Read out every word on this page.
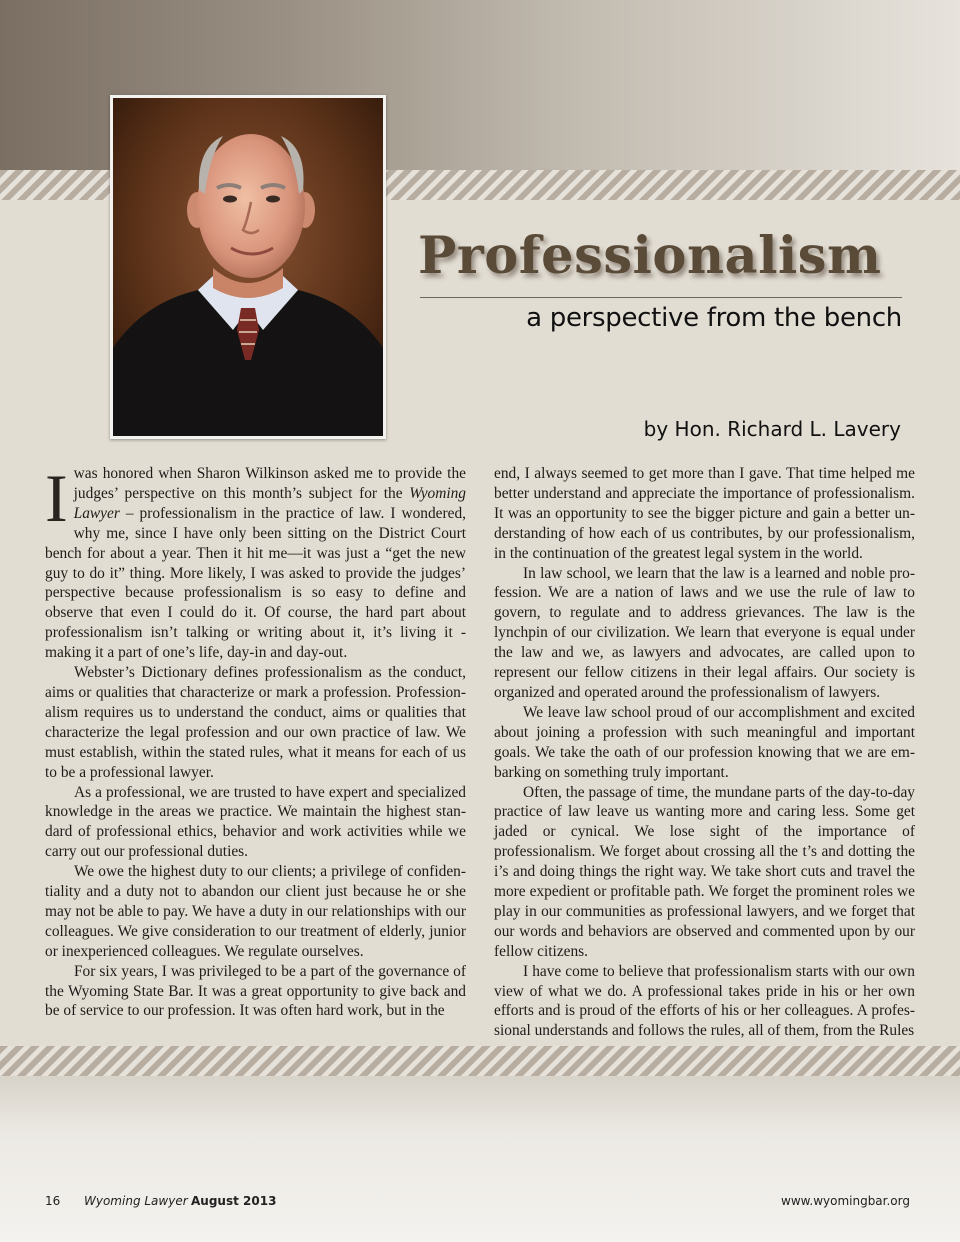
Professionalism
a perspective from the bench
by Hon. Richard L. Lavery

I was honored when Sharon Wilkinson asked me to provide the judges’ perspective on this month’s subject for the Wyoming Lawyer – professionalism in the practice of law. I wondered, why me, since I have only been sitting on the District Court bench for about a year. Then it hit me—it was just a “get the new guy to do it” thing. More likely, I was asked to provide the judges’ perspective because professionalism is so easy to define and observe that even I could do it. Of course, the hard part about professionalism isn’t talking or writing about it, it’s living it - making it a part of one’s life, day-in and day-out.

Webster’s Dictionary defines professionalism as the conduct, aims or qualities that characterize or mark a profession. Professionalism requires us to understand the conduct, aims or qualities that characterize the legal profession and our own practice of law. We must establish, within the stated rules, what it means for each of us to be a professional lawyer.

As a professional, we are trusted to have expert and specialized knowledge in the areas we practice. We maintain the highest standard of professional ethics, behavior and work activities while we carry out our professional duties.

We owe the highest duty to our clients; a privilege of confidentiality and a duty not to abandon our client just because he or she may not be able to pay. We have a duty in our relationships with our colleagues. We give consideration to our treatment of elderly, junior or inexperienced colleagues. We regulate ourselves.

For six years, I was privileged to be a part of the governance of the Wyoming State Bar. It was a great opportunity to give back and be of service to our profession. It was often hard work, but in the

end, I always seemed to get more than I gave. That time helped me better understand and appreciate the importance of professionalism. It was an opportunity to see the bigger picture and gain a better understanding of how each of us contributes, by our professionalism, in the continuation of the greatest legal system in the world.

In law school, we learn that the law is a learned and noble profession. We are a nation of laws and we use the rule of law to govern, to regulate and to address grievances. The law is the lynchpin of our civilization. We learn that everyone is equal under the law and we, as lawyers and advocates, are called upon to represent our fellow citizens in their legal affairs. Our society is organized and operated around the professionalism of lawyers.

We leave law school proud of our accomplishment and excited about joining a profession with such meaningful and important goals. We take the oath of our profession knowing that we are embarking on something truly important.

Often, the passage of time, the mundane parts of the day-to-day practice of law leave us wanting more and caring less. Some get jaded or cynical. We lose sight of the importance of professionalism. We forget about crossing all the t’s and dotting the i’s and doing things the right way. We take short cuts and travel the more expedient or profitable path. We forget the prominent roles we play in our communities as professional lawyers, and we forget that our words and behaviors are observed and commented upon by our fellow citizens.

I have come to believe that professionalism starts with our own view of what we do. A professional takes pride in his or her own efforts and is proud of the efforts of his or her colleagues. A professional understands and follows the rules, all of them, from the Rules

16 Wyoming Lawyer August 2013	www.wyomingbar.org
